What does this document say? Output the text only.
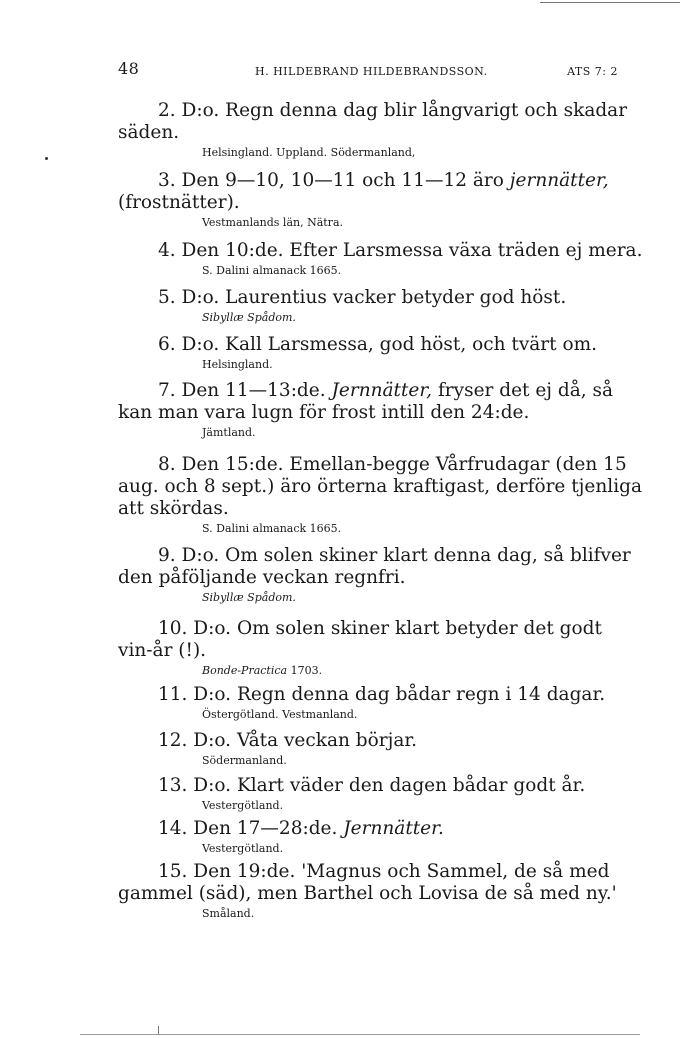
48	H. HILDEBRAND HILDEBRANDSSON.	ATS 7: 2
2. D:o. Regn denna dag blir långvarigt och skadar
säden.
Helsingland. Uppland. Södermanland,
3. Den 9—10, 10—11 och 11—12 äro jernnätter,
(frostnätter).
Vestmanlands län, Nätra.
4. Den 10:de. Efter Larsmessa växa träden ej mera.
S. Dalini almanack 1665.
5. D:o. Laurentius vacker betyder god höst.
Sibyllæ Spådom.
6. D:o. Kall Larsmessa, god höst, och tvärt om.
Helsingland.
7. Den 11—13:de. Jernnätter, fryser det ej då, så
kan man vara lugn för frost intill den 24:de.
Jämtland.
8. Den 15:de. Emellan-begge Vårfrudagar (den 15
aug. och 8 sept.) äro örterna kraftigast, derföre tjenliga
att skördas.
S. Dalini almanack 1665.
9. D:o. Om solen skiner klart denna dag, så blifver
den påföljande veckan regnfri.
Sibyllæ Spådom.
10. D:o. Om solen skiner klart betyder det godt
vin-år (!).
Bonde-Practica 1703.
11. D:o. Regn denna dag bådar regn i 14 dagar.
Östergötland. Vestmanland.
12. D:o. Våta veckan börjar.
Södermanland.
13. D:o. Klart väder den dagen bådar godt år.
Vestergötland.
14. Den 17—28:de. Jernnätter.
Vestergötland.
15. Den 19:de. 'Magnus och Sammel, de så med
gammel (säd), men Barthel och Lovisa de så med ny.'
Småland.
